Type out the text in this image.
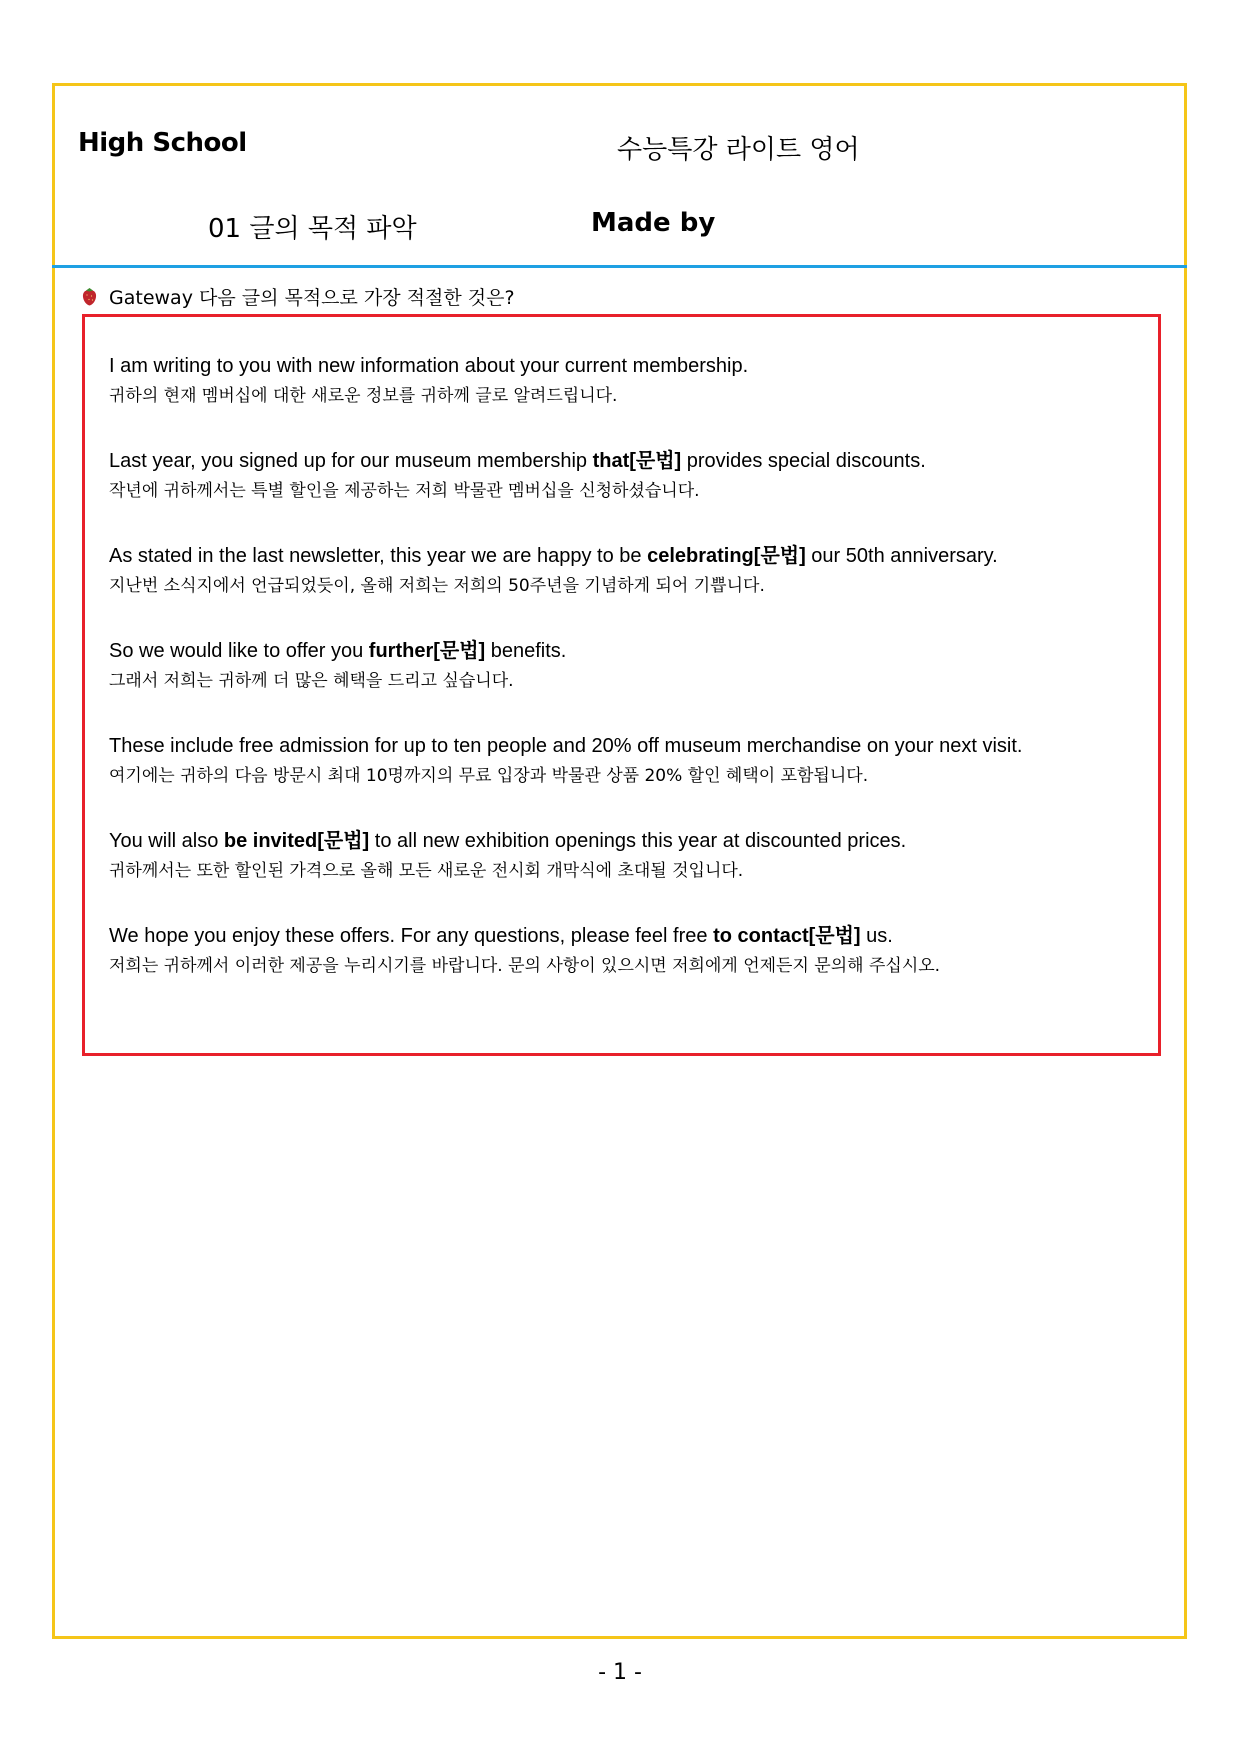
High School	수능특강 라이트 영어
01 글의 목적 파악	Made by
Gateway 다음 글의 목적으로 가장 적절한 것은?
I am writing to you with new information about your current membership.
귀하의 현재 멤버십에 대한 새로운 정보를 귀하께 글로 알려드립니다.
Last year, you signed up for our museum membership that[문법] provides special discounts.
작년에 귀하께서는 특별 할인을 제공하는 저희 박물관 멤버십을 신청하셨습니다.
As stated in the last newsletter, this year we are happy to be celebrating[문법] our 50th anniversary.
지난번 소식지에서 언급되었듯이, 올해 저희는 저희의 50주년을 기념하게 되어 기쁩니다.
So we would like to offer you further[문법] benefits.
그래서 저희는 귀하께 더 많은 혜택을 드리고 싶습니다.
These include free admission for up to ten people and 20% off museum merchandise on your next visit.
여기에는 귀하의 다음 방문시 최대 10명까지의 무료 입장과 박물관 상품 20% 할인 혜택이 포함됩니다.
You will also be invited[문법] to all new exhibition openings this year at discounted prices.
귀하께서는 또한 할인된 가격으로 올해 모든 새로운 전시회 개막식에 초대될 것입니다.
We hope you enjoy these offers. For any questions, please feel free to contact[문법] us.
저희는 귀하께서 이러한 제공을 누리시기를 바랍니다. 문의 사항이 있으시면 저희에게 언제든지 문의해 주십시오.
- 1 -
